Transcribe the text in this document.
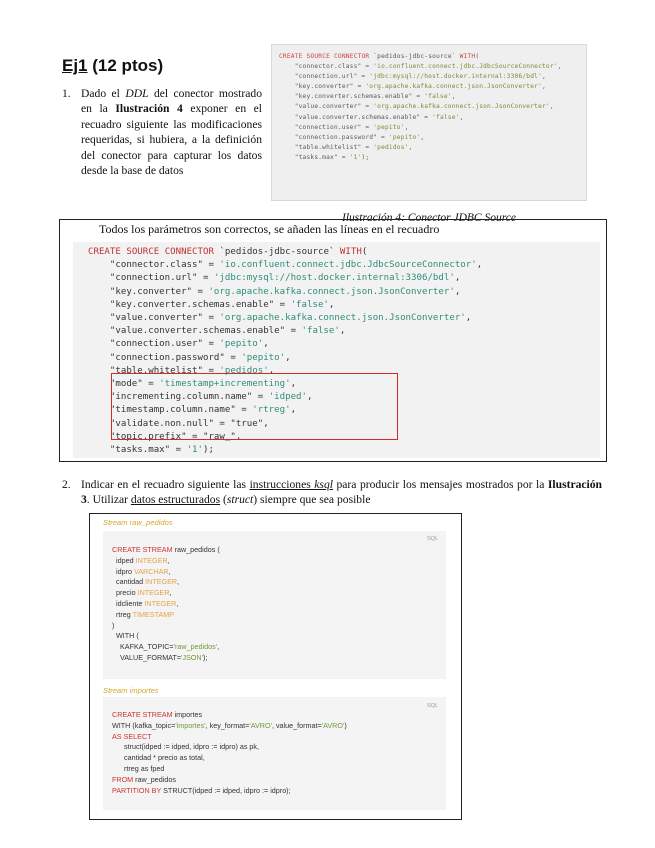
Ej1 (12 ptos)
1. Dado el DDL del conector mostrado en la Ilustración 4 exponer en el recuadro siguiente las modificaciones requeridas, si hubiera, a la definición del conector para capturar los datos desde la base de datos
CREATE SOURCE CONNECTOR `pedidos-jdbc-source` WITH(
"connector.class" = 'io.confluent.connect.jdbc.JdbcSourceConnector',
"connection.url" = 'jdbc:mysql://host.docker.internal:3306/bdl',
"key.converter" = 'org.apache.kafka.connect.json.JsonConverter',
"key.converter.schemas.enable" = 'false',
"value.converter" = 'org.apache.kafka.connect.json.JsonConverter',
"value.converter.schemas.enable" = 'false',
"connection.user" = 'pepito',
"connection.password" = 'pepito',
"table.whitelist" = 'pedidos',
"tasks.max" = '1');
Ilustración 4: Conector JDBC Source
Todos los parámetros son correctos, se añaden las líneas en el recuadro
CREATE SOURCE CONNECTOR `pedidos-jdbc-source` WITH(
"connector.class" = 'io.confluent.connect.jdbc.JdbcSourceConnector',
"connection.url" = 'jdbc:mysql://host.docker.internal:3306/bdl',
"key.converter" = 'org.apache.kafka.connect.json.JsonConverter',
"key.converter.schemas.enable" = 'false',
"value.converter" = 'org.apache.kafka.connect.json.JsonConverter',
"value.converter.schemas.enable" = 'false',
"connection.user" = 'pepito',
"connection.password" = 'pepito',
"table.whitelist" = 'pedidos',
"mode" = 'timestamp+incrementing',
"incrementing.column.name" = 'idped',
"timestamp.column.name" = 'rtreg',
"validate.non.null" = "true",
"topic.prefix" = "raw_",
"tasks.max" = '1');
2. Indicar en el recuadro siguiente las instrucciones ksql para producir los mensajes mostrados por la Ilustración 3. Utilizar datos estructurados (struct) siempre que sea posible
Stream raw_pedidos
SQL
CREATE STREAM raw_pedidos (
idped INTEGER,
idpro VARCHAR,
cantidad INTEGER,
precio INTEGER,
idcliente INTEGER,
rtreg TIMESTAMP
)
WITH (
KAFKA_TOPIC='raw_pedidos',
VALUE_FORMAT='JSON');
Stream importes
SQL
CREATE STREAM importes
WITH (kafka_topic='importes', key_format='AVRO', value_format='AVRO')
AS SELECT
struct(idped := idped, idpro := idpro) as pk,
cantidad * precio as total,
rtreg as fped
FROM raw_pedidos
PARTITION BY STRUCT(idped := idped, idpro := idpro);
